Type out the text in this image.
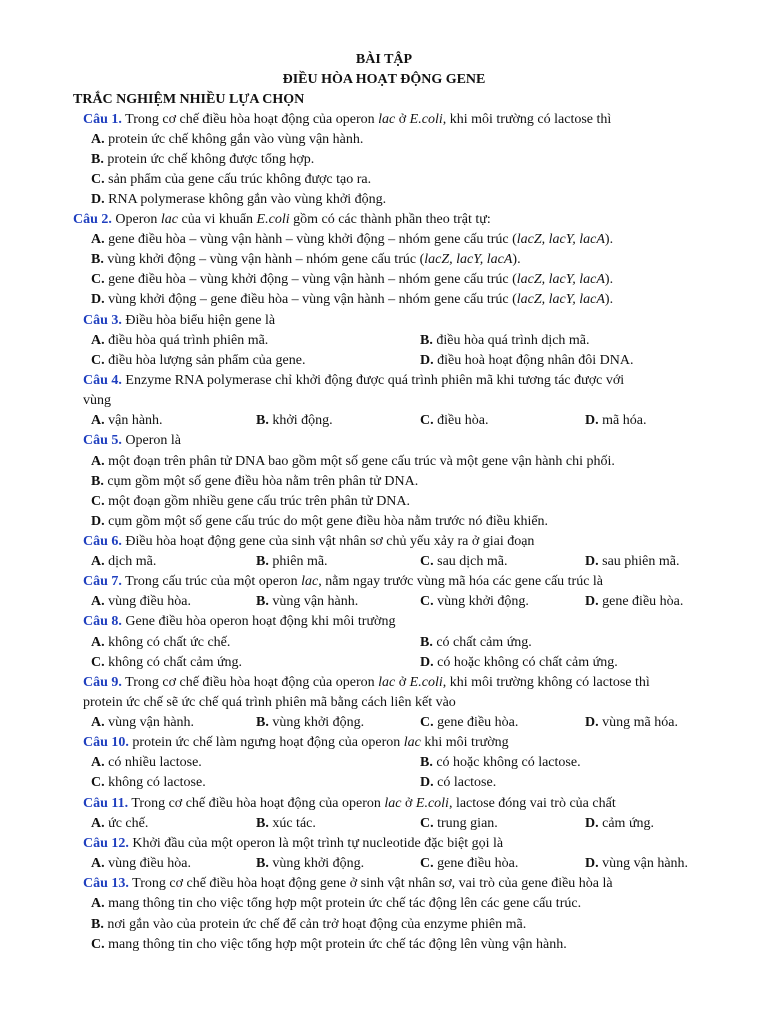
BÀI TẬP
ĐIỀU HÒA HOẠT ĐỘNG GENE
TRẮC NGHIỆM NHIỀU LỰA CHỌN
Câu 1. Trong cơ chế điều hòa hoạt động của operon lac ở E.coli, khi môi trường có lactose thì
A. protein ức chế không gắn vào vùng vận hành.
B. protein ức chế không được tổng hợp.
C. sản phẩm của gene cấu trúc không được tạo ra.
D. RNA polymerase không gắn vào vùng khởi động.
Câu 2. Operon lac của vi khuẩn E.coli gồm có các thành phần theo trật tự:
A. gene điều hòa – vùng vận hành – vùng khởi động – nhóm gene cấu trúc (lacZ, lacY, lacA).
B. vùng khởi động – vùng vận hành – nhóm gene cấu trúc (lacZ, lacY, lacA).
C. gene điều hòa – vùng khởi động – vùng vận hành – nhóm gene cấu trúc (lacZ, lacY, lacA).
D. vùng khởi động – gene điều hòa – vùng vận hành – nhóm gene cấu trúc (lacZ, lacY, lacA).
Câu 3. Điều hòa biểu hiện gene là
A. điều hòa quá trình phiên mã.	B. điều hòa quá trình dịch mã.
C. điều hòa lượng sản phẩm của gene.	D. điều hoà hoạt động nhân đôi DNA.
Câu 4. Enzyme RNA polymerase chỉ khởi động được quá trình phiên mã khi tương tác được với
vùng
A. vận hành.	B. khởi động.	C. điều hòa.	D. mã hóa.
Câu 5. Operon là
A. một đoạn trên phân tử DNA bao gồm một số gene cấu trúc và một gene vận hành chi phối.
B. cụm gồm một số gene điều hòa nằm trên phân tử DNA.
C. một đoạn gồm nhiều gene cấu trúc trên phân tử DNA.
D. cụm gồm một số gene cấu trúc do một gene điều hòa nằm trước nó điều khiển.
Câu 6. Điều hòa hoạt động gene của sinh vật nhân sơ chủ yếu xảy ra ở giai đoạn
A. dịch mã.	B. phiên mã.	C. sau dịch mã.	D. sau phiên mã.
Câu 7. Trong cấu trúc của một operon lac, nằm ngay trước vùng mã hóa các gene cấu trúc là
A. vùng điều hòa.	B. vùng vận hành.	C. vùng khởi động.	D. gene điều hòa.
Câu 8. Gene điều hòa operon hoạt động khi môi trường
A. không có chất ức chế.	B. có chất cảm ứng.
C. không có chất cảm ứng.	D. có hoặc không có chất cảm ứng.
Câu 9. Trong cơ chế điều hòa hoạt động của operon lac ở E.coli, khi môi trường không có lactose thì
protein ức chế sẽ ức chế quá trình phiên mã bằng cách liên kết vào
A. vùng vận hành.	B. vùng khởi động.	C. gene điều hòa.	D. vùng mã hóa.
Câu 10. protein ức chế làm ngưng hoạt động của operon lac khi môi trường
A. có nhiều lactose.	B. có hoặc không có lactose.
C. không có lactose.	D. có lactose.
Câu 11. Trong cơ chế điều hòa hoạt động của operon lac ở E.coli, lactose đóng vai trò của chất
A. ức chế.	B. xúc tác.	C. trung gian.	D. cảm ứng.
Câu 12. Khởi đầu của một operon là một trình tự nucleotide đặc biệt gọi là
A. vùng điều hòa.	B. vùng khởi động.	C. gene điều hòa.	D. vùng vận hành.
Câu 13. Trong cơ chế điều hòa hoạt động gene ở sinh vật nhân sơ, vai trò của gene điều hòa là
A. mang thông tin cho việc tổng hợp một protein ức chế tác động lên các gene cấu trúc.
B. nơi gắn vào của protein ức chế để cản trở hoạt động của enzyme phiên mã.
C. mang thông tin cho việc tổng hợp một protein ức chế tác động lên vùng vận hành.
